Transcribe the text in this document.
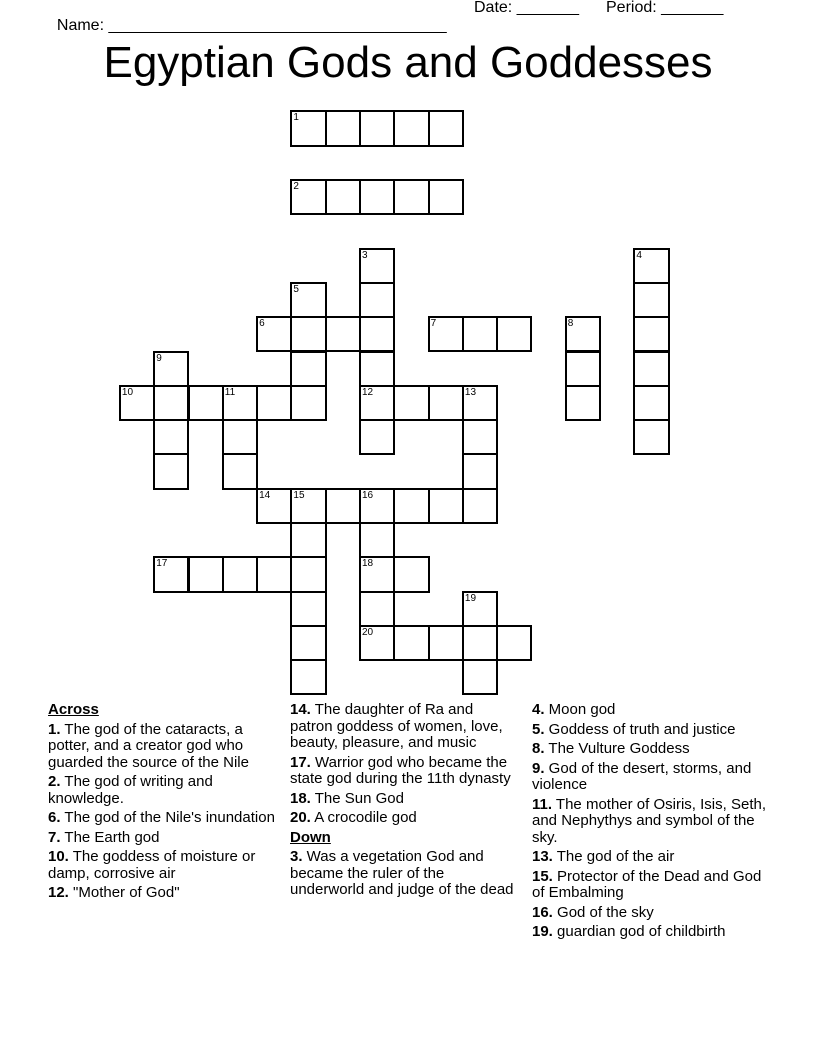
Name: ______________________________________

Date: _______

Period: _______

Egyptian Gods and Goddesses
1
2
3
12
4
5
6	7	8
9
10	11	13
14 15	16
17	18
19
20
Across
1. The god of the cataracts, a potter, and a creator god who guarded the source of the Nile
2. The god of writing and knowledge.
6. The god of the Nile's inundation
7. The Earth god
10. The goddess of moisture or damp, corrosive air
12. "Mother of God"
14. The daughter of Ra and patron goddess of women, love, beauty, pleasure, and music
17. Warrior god who became the state god during the 11th dynasty
18. The Sun God
20. A crocodile god
Down
3. Was a vegetation God and became the ruler of the underworld and judge of the dead
4. Moon god
5. Goddess of truth and justice
8. The Vulture Goddess
9. God of the desert, storms, and violence
11. The mother of Osiris, Isis, Seth, and Nephythys and symbol of the sky.
13. The god of the air
15. Protector of the Dead and God of Embalming
16. God of the sky
19. guardian god of childbirth
